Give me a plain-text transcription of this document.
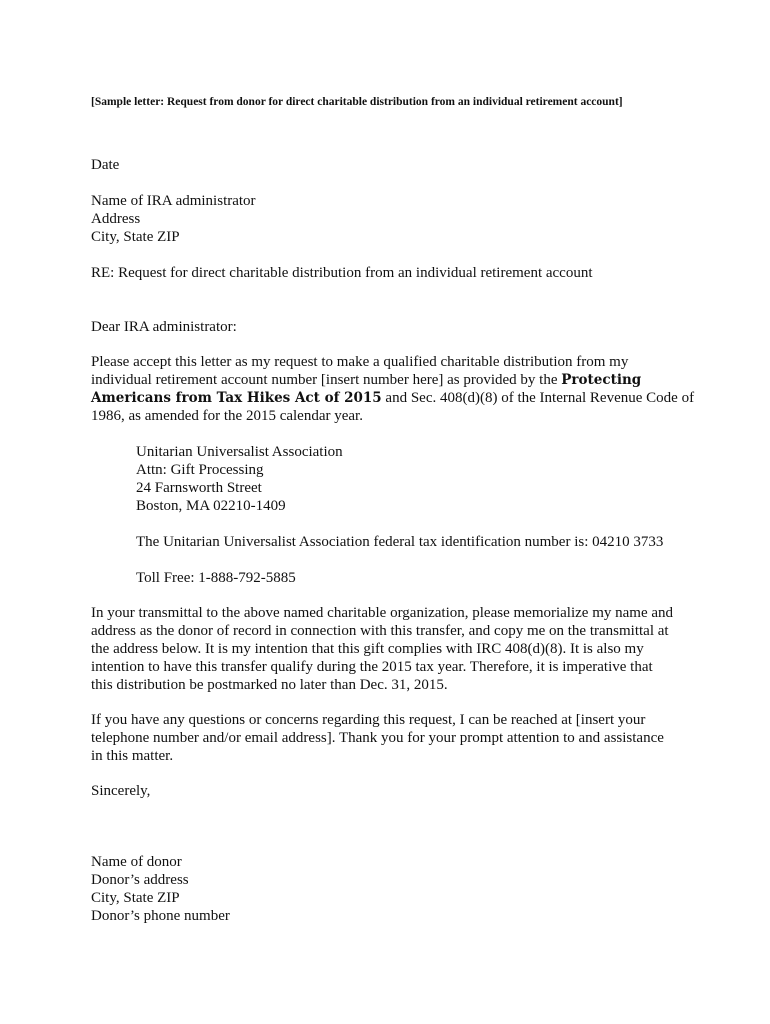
[Sample letter: Request from donor for direct charitable distribution from an individual retirement account]
Date
Name of IRA administrator
Address
City, State ZIP
RE: Request for direct charitable distribution from an individual retirement account
Dear IRA administrator:
Please accept this letter as my request to make a qualified charitable distribution from my
individual retirement account number [insert number here] as provided by the Protecting
Americans from Tax Hikes Act of 2015 and Sec. 408(d)(8) of the Internal Revenue Code of
1986, as amended for the 2015 calendar year.
Unitarian Universalist Association
Attn: Gift Processing
24 Farnsworth Street
Boston, MA 02210-1409
The Unitarian Universalist Association federal tax identification number is: 04210 3733
Toll Free: 1-888-792-5885
In your transmittal to the above named charitable organization, please memorialize my name and
address as the donor of record in connection with this transfer, and copy me on the transmittal at
the address below. It is my intention that this gift complies with IRC 408(d)(8). It is also my
intention to have this transfer qualify during the 2015 tax year. Therefore, it is imperative that
this distribution be postmarked no later than Dec. 31, 2015.
If you have any questions or concerns regarding this request, I can be reached at [insert your
telephone number and/or email address]. Thank you for your prompt attention to and assistance
in this matter.
Sincerely,
Name of donor
Donor’s address
City, State ZIP
Donor’s phone number
